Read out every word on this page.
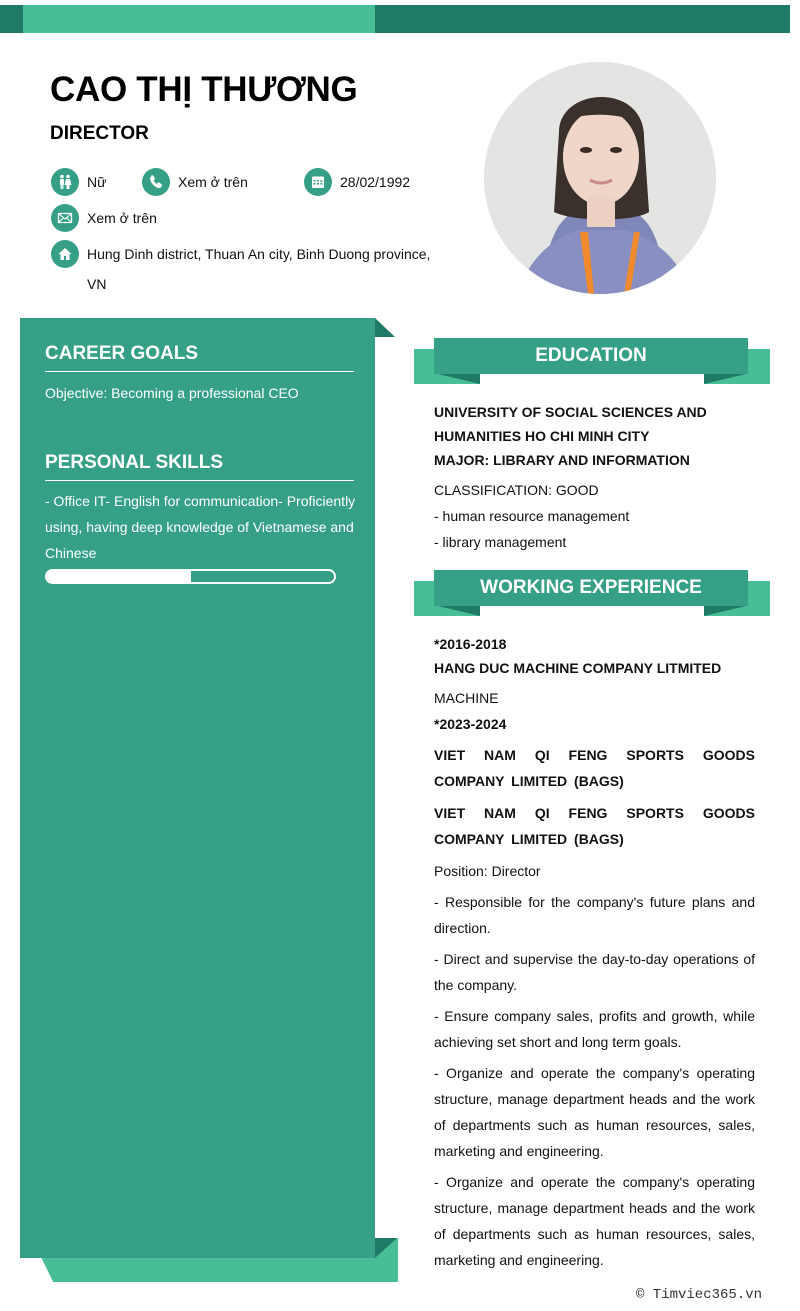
CAO THỊ THƯƠNG
DIRECTOR
Nữ	Xem ở trên	28/02/1992
Xem ở trên
Hung Dinh district, Thuan An city, Binh Duong province,
VN
CAREER GOALS
Objective: Becoming a professional CEO
PERSONAL SKILLS
- Office IT- English for communication- Proficiently using, having deep knowledge of Vietnamese and Chinese
EDUCATION
UNIVERSITY OF SOCIAL SCIENCES AND
HUMANITIES HO CHI MINH CITY
MAJOR: LIBRARY AND INFORMATION
CLASSIFICATION: GOOD
- human resource management
- library management
WORKING EXPERIENCE
*2016-2018
HANG DUC MACHINE COMPANY LITMITED
MACHINE
*2023-2024
VIET NAM QI FENG SPORTS GOODS COMPANY LIMITED (BAGS)
VIET NAM QI FENG SPORTS GOODS COMPANY LIMITED (BAGS)
Position: Director
- Responsible for the company's future plans and direction.
- Direct and supervise the day-to-day operations of the company.
- Ensure company sales, profits and growth, while achieving set short and long term goals.
- Organize and operate the company's operating structure, manage department heads and the work of departments such as human resources, sales, marketing and engineering.
- Organize and operate the company's operating structure, manage department heads and the work of departments such as human resources, sales, marketing and engineering.
© Timviec365.vn
